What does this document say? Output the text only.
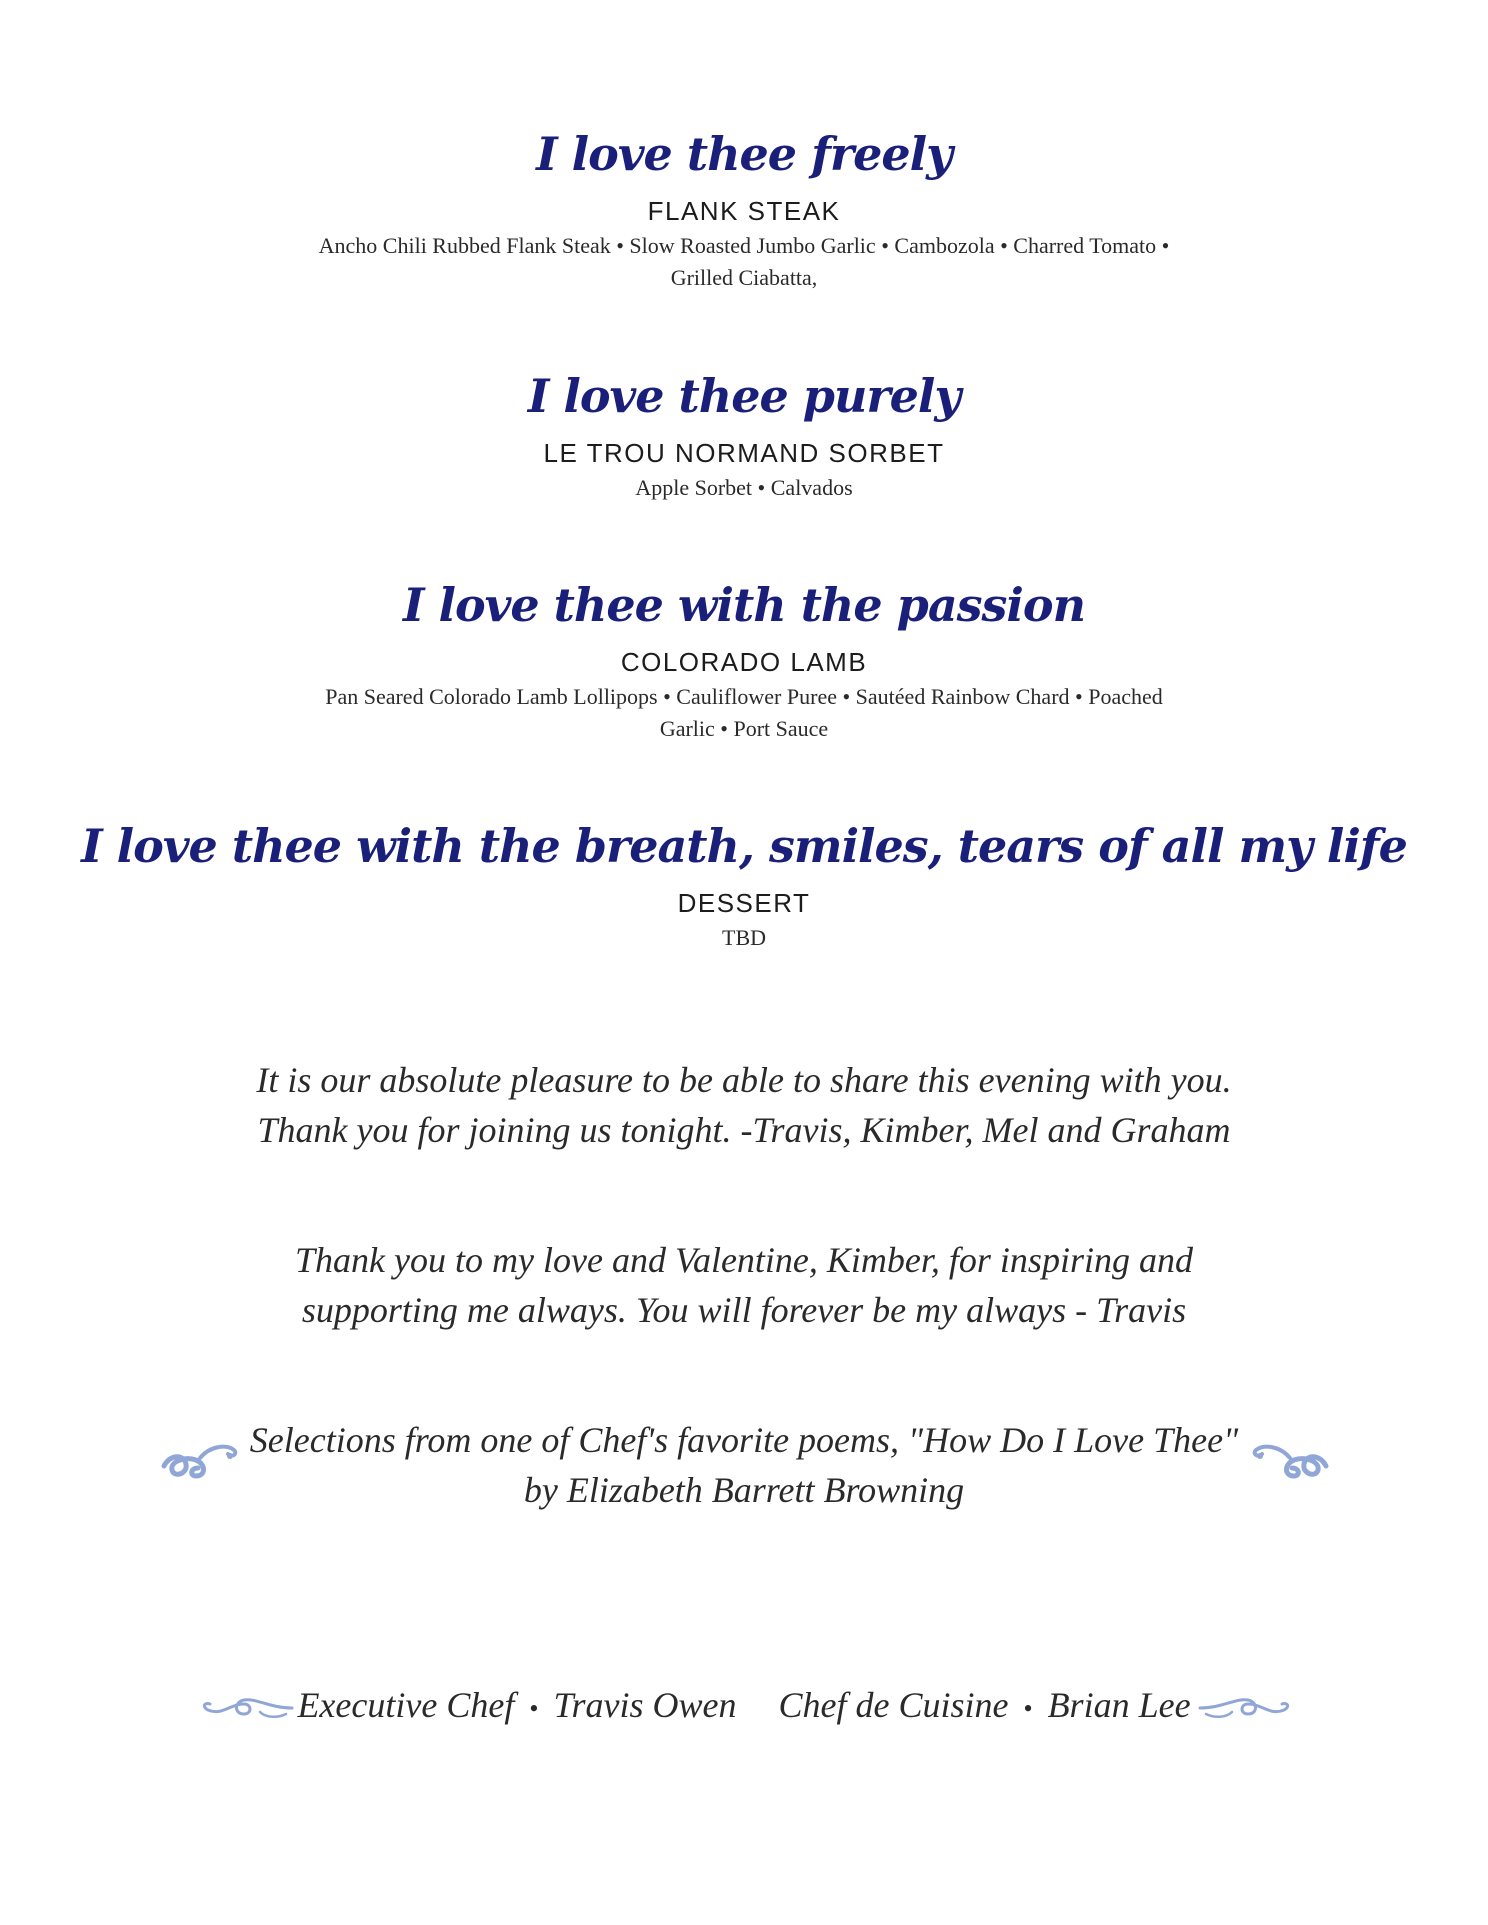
I love thee freely

FLANK STEAK

Ancho Chili Rubbed Flank Steak • Slow Roasted Jumbo Garlic • Cambozola • Charred Tomato •

Grilled Ciabatta,

I love thee purely

LE TROU NORMAND SORBET

Apple Sorbet • Calvados

I love thee with the passion

COLORADO LAMB

Pan Seared Colorado Lamb Lollipops • Cauliflower Puree • Sautéed Rainbow Chard • Poached

Garlic • Port Sauce

I love thee with the breath, smiles, tears of all my life

DESSERT

TBD

It is our absolute pleasure to be able to share this evening with you.

Thank you for joining us tonight. -Travis, Kimber, Mel and Graham

Thank you to my love and Valentine, Kimber, for inspiring and

supporting me always. You will forever be my always - Travis

Selections from one of Chef's favorite poems, "How Do I Love Thee"

by Elizabeth Barrett Browning

Executive Chef • Travis Owen Chef de Cuisine • Brian Lee
